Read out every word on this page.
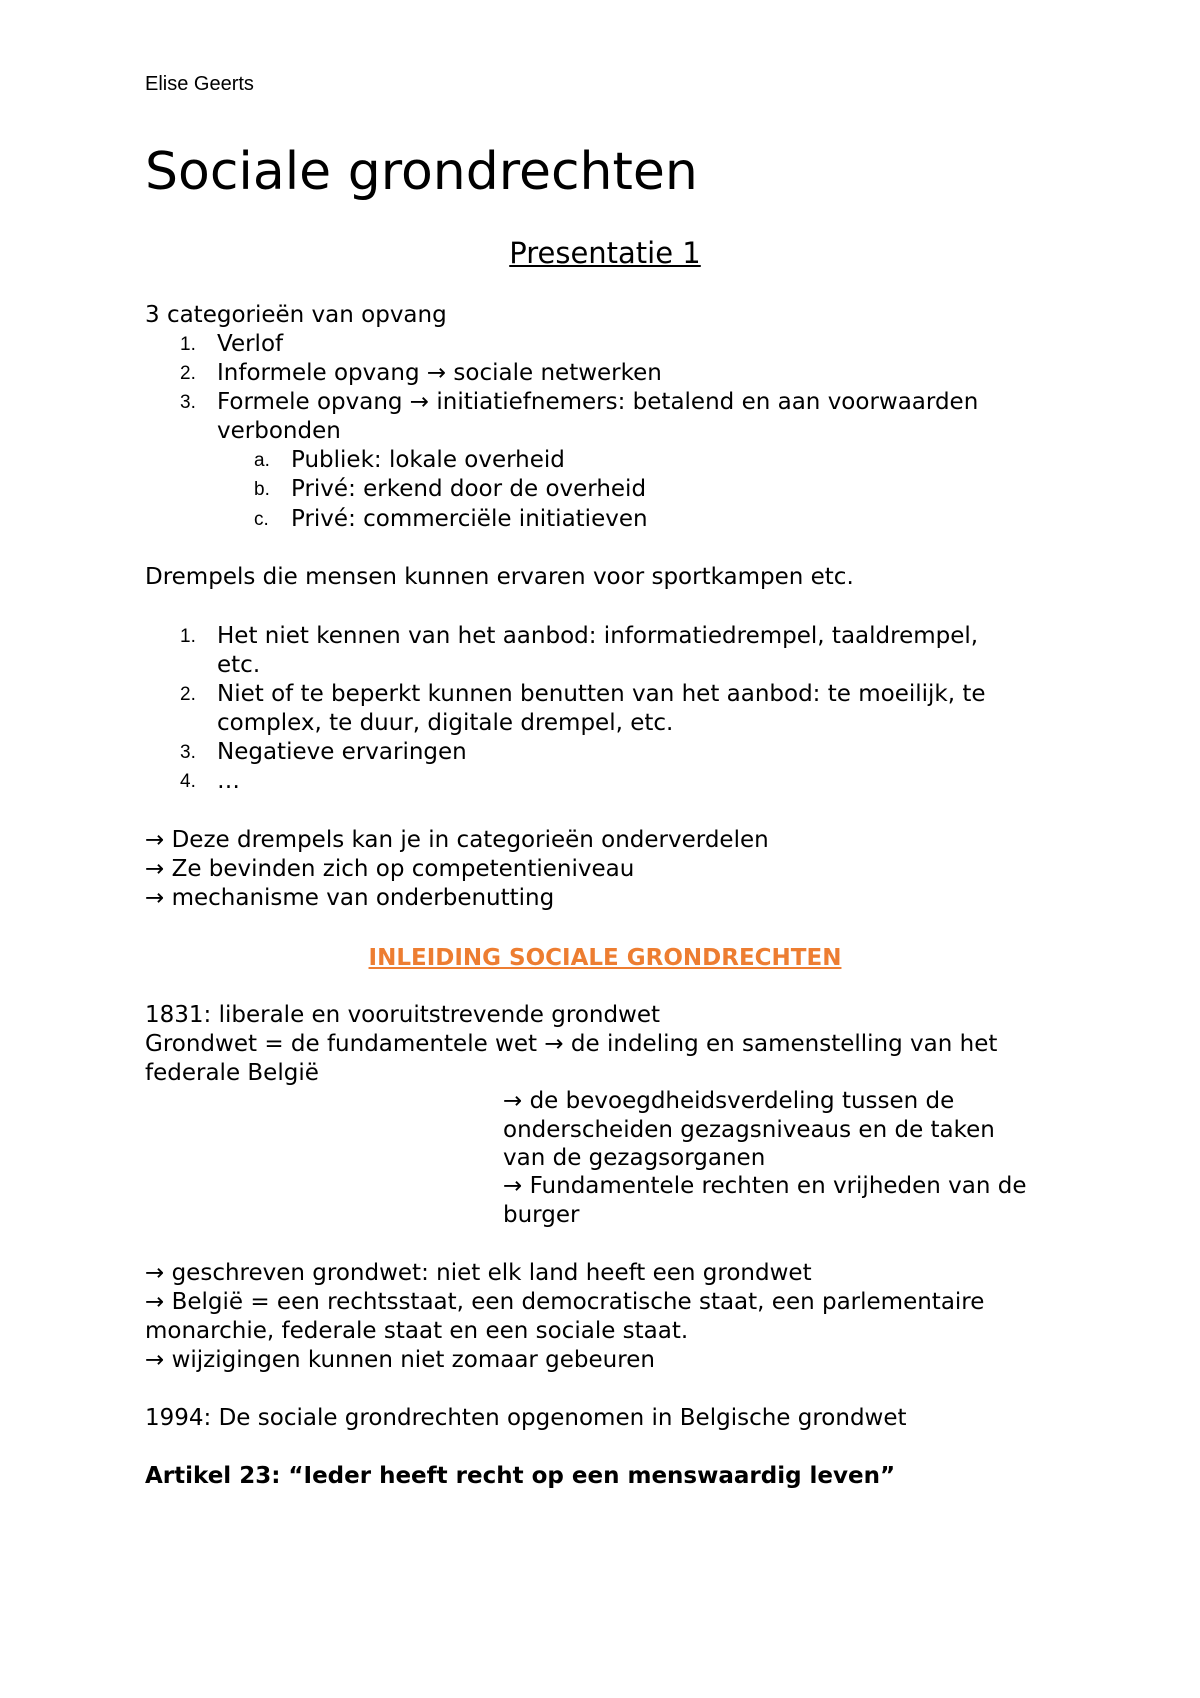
Elise Geerts
Sociale grondrechten
Presentatie 1
3 categorieën van opvang
1. Verlof
2. Informele opvang → sociale netwerken
3. Formele opvang → initiatiefnemers: betalend en aan voorwaarden
verbonden
a. Publiek: lokale overheid
b. Privé: erkend door de overheid
c. Privé: commerciële initiatieven
Drempels die mensen kunnen ervaren voor sportkampen etc.
1. Het niet kennen van het aanbod: informatiedrempel, taaldrempel,
etc.
2. Niet of te beperkt kunnen benutten van het aanbod: te moeilijk, te
complex, te duur, digitale drempel, etc.
3. Negatieve ervaringen
4. …
→ Deze drempels kan je in categorieën onderverdelen
→ Ze bevinden zich op competentieniveau
→ mechanisme van onderbenutting
INLEIDING SOCIALE GRONDRECHTEN
1831: liberale en vooruitstrevende grondwet
Grondwet = de fundamentele wet → de indeling en samenstelling van het
federale België
→ de bevoegdheidsverdeling tussen de
onderscheiden gezagsniveaus en de taken
van de gezagsorganen
→ Fundamentele rechten en vrijheden van de
burger
→ geschreven grondwet: niet elk land heeft een grondwet
→ België = een rechtsstaat, een democratische staat, een parlementaire
monarchie, federale staat en een sociale staat.
→ wijzigingen kunnen niet zomaar gebeuren
1994: De sociale grondrechten opgenomen in Belgische grondwet
Artikel 23: “Ieder heeft recht op een menswaardig leven”
